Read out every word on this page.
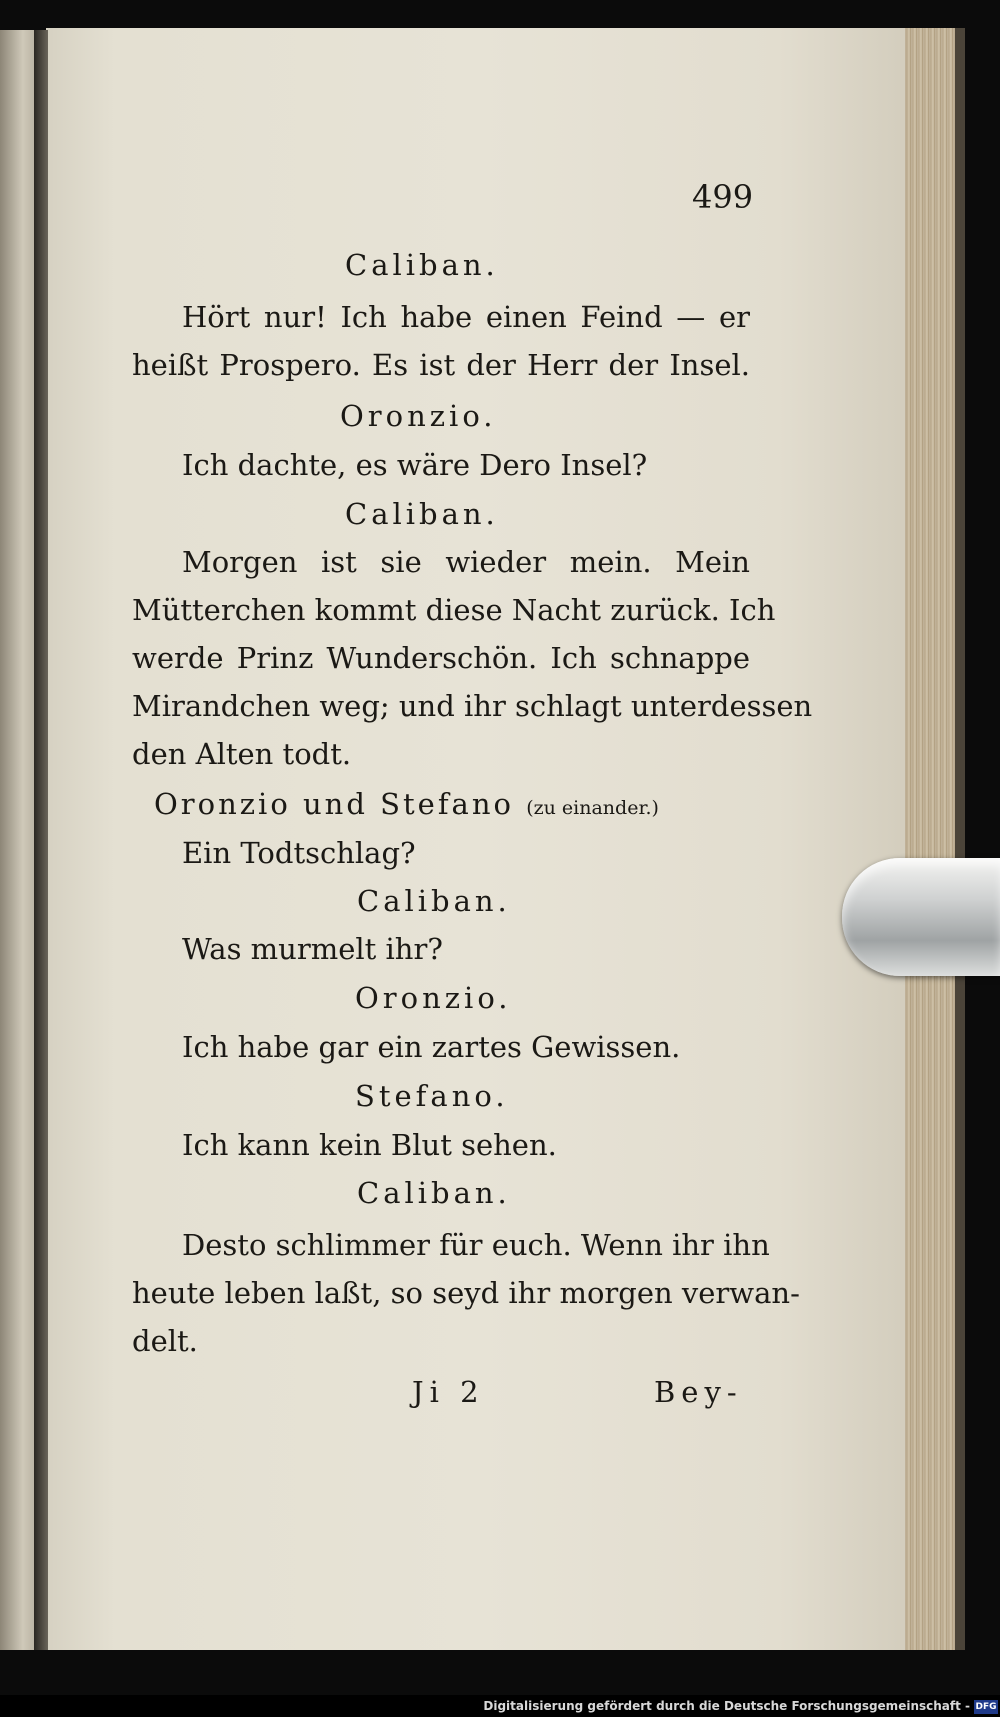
499
Caliban.
Hört nur! Ich habe einen Feind — er
heißt Prospero. Es ist der Herr der Insel.
Oronzio.
Ich dachte, es wäre Dero Insel?
Caliban.
Morgen ist sie wieder mein. Mein
Mütterchen kommt diese Nacht zurück. Ich
werde Prinz Wunderschön. Ich schnappe
Mirandchen weg; und ihr schlagt unterdessen
den Alten todt.
Oronzio und Stefano (zu einander.)
Ein Todtschlag?
Caliban.
Was murmelt ihr?
Oronzio.
Ich habe gar ein zartes Gewissen.
Stefano.
Ich kann kein Blut sehen.
Caliban.
Desto schlimmer für euch. Wenn ihr ihn
heute leben laßt, so seyd ihr morgen verwan-
delt.
Ji 2	Bey-
Digitalisierung gefördert durch die Deutsche Forschungsgemeinschaft - DFG
